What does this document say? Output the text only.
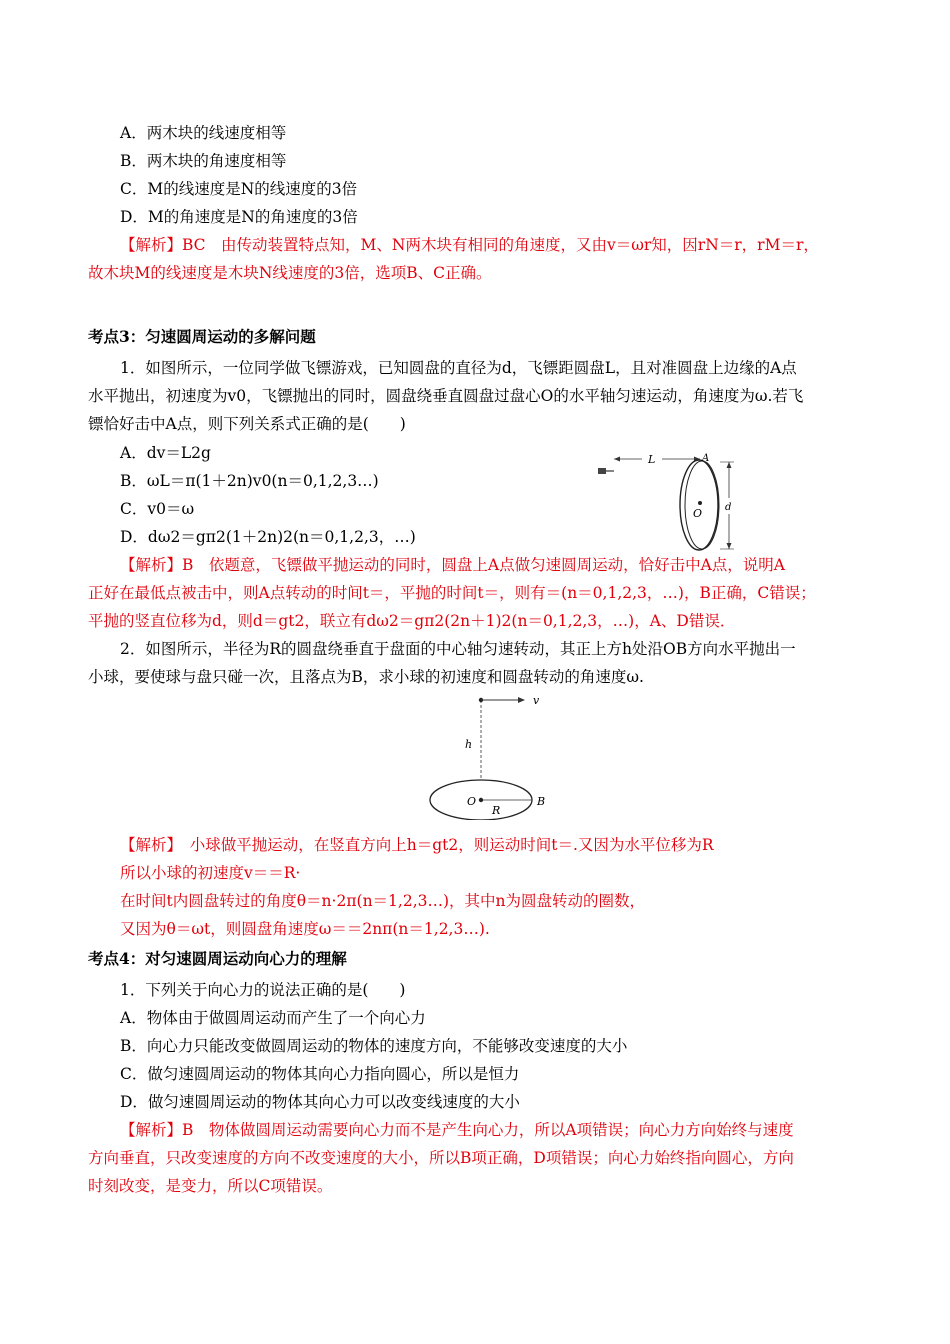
A．两木块的线速度相等
B．两木块的角速度相等
C．M的线速度是N的线速度的3倍
D．M的角速度是N的角速度的3倍
【解析】BC　由传动装置特点知，M、N两木块有相同的角速度，又由v＝ωr知，因rN＝r，rM＝r，
故木块M的线速度是木块N线速度的3倍，选项B、C正确。
考点3：匀速圆周运动的多解问题
1．如图所示，一位同学做飞镖游戏，已知圆盘的直径为d，飞镖距圆盘L，且对准圆盘上边缘的A点
水平抛出，初速度为v0，飞镖抛出的同时，圆盘绕垂直圆盘过盘心O的水平轴匀速运动，角速度为ω.若飞
镖恰好击中A点，则下列关系式正确的是(　　)
A．dv＝L2g
B．ωL＝π(1＋2n)v0(n＝0,1,2,3…)
C．v0＝ω
D．dω2＝gπ2(1＋2n)2(n＝0,1,2,3，…)
L
O
A
d
【解析】B　依题意，飞镖做平抛运动的同时，圆盘上A点做匀速圆周运动，恰好击中A点，说明A
正好在最低点被击中，则A点转动的时间t＝，平抛的时间t＝，则有＝(n＝0,1,2,3，…)，B正确，C错误；
平抛的竖直位移为d，则d＝gt2，联立有dω2＝gπ2(2n＋1)2(n＝0,1,2,3，…)，A、D错误．
2．如图所示，半径为R的圆盘绕垂直于盘面的中心轴匀速转动，其正上方h处沿OB方向水平抛出一
小球，要使球与盘只碰一次，且落点为B，求小球的初速度和圆盘转动的角速度ω.
v
h
O
R
B
【解析】　小球做平抛运动，在竖直方向上h＝gt2，则运动时间t＝.又因为水平位移为R
所以小球的初速度v＝＝R·
在时间t内圆盘转过的角度θ＝n·2π(n＝1,2,3…)，其中n为圆盘转动的圈数，
又因为θ＝ωt，则圆盘角速度ω＝＝2nπ(n＝1,2,3…).
考点4：对匀速圆周运动向心力的理解
1．下列关于向心力的说法正确的是(　　)
A．物体由于做圆周运动而产生了一个向心力
B．向心力只能改变做圆周运动的物体的速度方向，不能够改变速度的大小
C．做匀速圆周运动的物体其向心力指向圆心，所以是恒力
D．做匀速圆周运动的物体其向心力可以改变线速度的大小
【解析】B　物体做圆周运动需要向心力而不是产生向心力，所以A项错误；向心力方向始终与速度
方向垂直，只改变速度的方向不改变速度的大小，所以B项正确，D项错误；向心力始终指向圆心，方向
时刻改变，是变力，所以C项错误。
